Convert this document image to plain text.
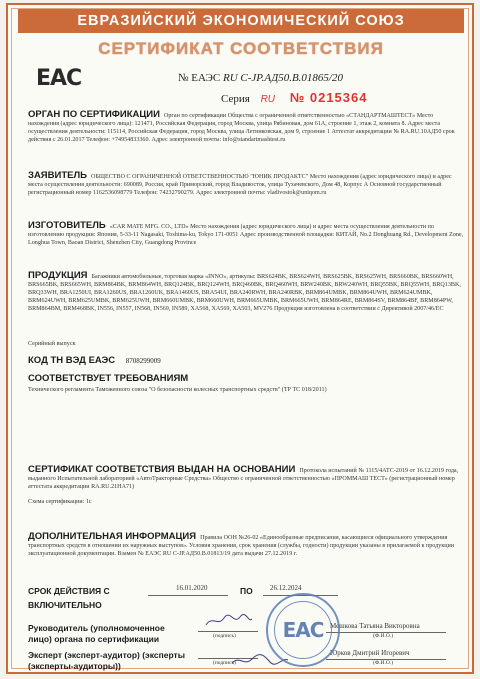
ЕВРАЗИЙСКИЙ ЭКОНОМИЧЕСКИЙ СОЮЗ
СЕРТИФИКАТ СООТВЕТСТВИЯ
EAC	№ ЕАЭС RU С-JP.АД50.В.01865/20
Серия RU № 0215364
ОРГАН ПО СЕРТИФИКАЦИИ Орган по сертификации Общества с ограниченной ответственностью «СТАНДАРТМАШТЕСТ» Место нахождения (адрес юридического лица): 121471, Российская Федерация, город Москва, улица Рябиновая, дом 61А, строение 1, этаж 2, комната 8. Адрес места осуществления деятельности: 115114, Российская Федерация, город Москва, улица Летниковская, дом 9, строение 1 Аттестат аккредитации № RA.RU.10АД50 срок действия с 26.01.2017 Телефон: +74954833360. Адрес электронной почты: info@standartmashtest.ru
ЗАЯВИТЕЛЬ ОБЩЕСТВО С ОГРАНИЧЕННОЙ ОТВЕТСТВЕННОСТЬЮ "ЮНИК ПРОДАКТС" Место нахождения (адрес юридического лица) и адрес места осуществления деятельности: 690089, Россия, край Приморский, город Владивосток, улица Тухачевского, Дом 48, Корпус А Основной государственный регистрационный номер 1162536098779 Телефон: 74232790279. Адрес электронной почты: vladivostok@uniqom.ru
ИЗГОТОВИТЕЛЬ «CAR MATE MFG. CO., LTD» Место нахождения (адрес юридического лица) и адрес места осуществления деятельности по изготовлению продукции: Япония, 5-33-11 Nagasaki, Toshima-ku, Tokyo 171-0051 Адрес производственной площадки: КИТАЙ, No.2 Donghuang Rd., Development Zone, Longhua Town, Baoan District, Shenzhen City, Guangdong Province
ПРОДУКЦИЯ Багажники автомобильные, торговая марка «INNO», артикулы: BRS624BK, BRS624WH, BRS625BK, BRS625WH, BRS660BK, BRS660WH, BRS665BK, BRS665WH, BRM864BK, BRM864WH, BRQ124BK, BRQ124WH, BRQ460BK, BRQ460WH, BRW240BK, BRW240WH, BRQ55BK, BRQ55WH, BRQ13BK, BRQ33WH, BRA1250UI, BRA1260US, BRA1260UK, BRA1460US, BRA54UI, BRA240RWH, BRA240RBK, BRM864UMBK, BRM864UWH, BRM624UMBK, BRM624UWH, BRM625UMBK, BRM625UWH, BRM660UMBK, BRM660UWH, BRM665UMBK, BRM665UWH, BRM864RE, BRM864SV, BRM864BF, BRM864PW, BRM864BM, BRM468BK, IN556, IN557, IN568, IN569, IN589, XA568, XA569, XA503, MV276 Продукция изготовлена в соответствии с Директивой 2007/46/EC
Серийный выпуск
КОД ТН ВЭД ЕАЭС 8708299009
СООТВЕТСТВУЕТ ТРЕБОВАНИЯМ
Технического регламента Таможенного союза "О безопасности колесных транспортных средств" (ТР ТС 018/2011)
СЕРТИФИКАТ СООТВЕТСТВИЯ ВЫДАН НА ОСНОВАНИИ Протокола испытаний № 1115/4АТС-2019 от 16.12.2019 года, выданного Испытательной лабораторией «АвтоТракторные Средства» Общество с ограниченной ответственностью «ПРОММАШ ТЕСТ» (регистрационный номер аттестата аккредитации RA.RU.21НА71)
Схема сертификации: 1с
ДОПОЛНИТЕЛЬНАЯ ИНФОРМАЦИЯ Правила ООН №26-02 «Единообразные предписания, касающиеся официального утверждения транспортных средств в отношении их наружных выступов». Условия хранения, срок хранения (службы, годности) продукции указаны в прилагаемой к продукции эксплуатационной документации. Взамен № ЕАЭС RU С-JP.АД50.В.01813/19 дата выдачи 27.12.2019 г.
СРОК ДЕЙСТВИЯ С
ВКЛЮЧИТЕЛЬНО
16.01.2020	ПО 26.12.2024
Руководитель (уполномоченное лицо) органа по сертификации	(подпись)
Мешкова Татьяна Викторовна
(Ф.И.О.)
Эксперт (эксперт-аудитор) (эксперты (эксперты-аудиторы))	(подпись)
Юрков Дмитрий Игоревич
(Ф.И.О.)
EAC
